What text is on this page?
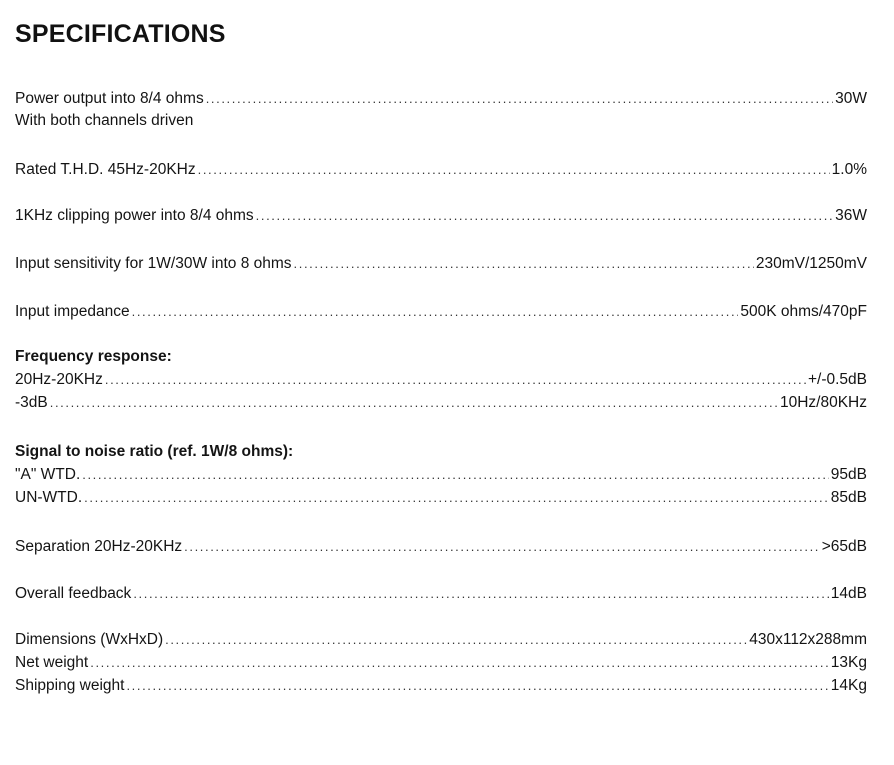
SPECIFICATIONS
Power output into 8/4 ohms .....	30W
With both channels driven
Rated T.H.D. 45Hz-20KHz .....	1.0%
1KHz clipping power into 8/4 ohms .....	36W
Input sensitivity for 1W/30W into 8 ohms .....	230mV/1250mV
Input impedance .....	500K ohms/470pF
Frequency response:
20Hz-20KHz .....	+/-0.5dB
-3dB .....	10Hz/80KHz
Signal to noise ratio (ref. 1W/8 ohms):
"A" WTD. .....	95dB
UN-WTD. .....	85dB
Separation 20Hz-20KHz .....	>65dB
Overall feedback .....	14dB
Dimensions (WxHxD) .....	430x112x288mm
Net weight .....	13Kg
Shipping weight .....	14Kg
